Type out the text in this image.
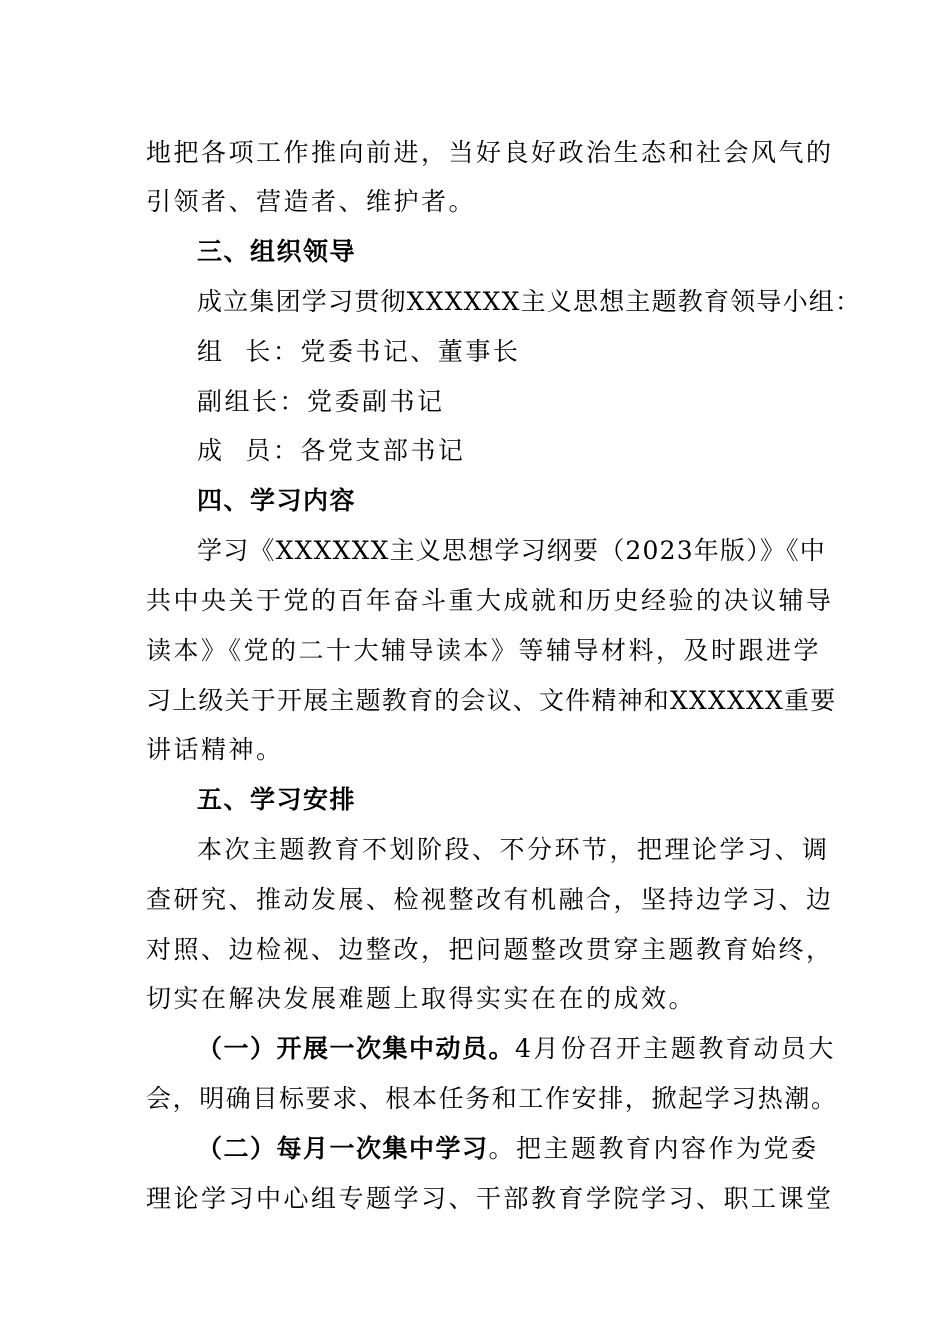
地把各项工作推向前进，当好良好政治生态和社会风气的
引领者、营造者、维护者。
三、组织领导
成立集团学习贯彻XXXXXX主义思想主题教育领导小组：
组  长：党委书记、董事长
副组长：党委副书记
成  员：各党支部书记
四、学习内容
学习《XXXXXX主义思想学习纲要（2023年版）》《中
共中央关于党的百年奋斗重大成就和历史经验的决议辅导
读本》《党的二十大辅导读本》等辅导材料，及时跟进学
习上级关于开展主题教育的会议、文件精神和XXXXXX重要
讲话精神。
五、学习安排
本次主题教育不划阶段、不分环节，把理论学习、调
查研究、推动发展、检视整改有机融合，坚持边学习、边
对照、边检视、边整改，把问题整改贯穿主题教育始终，
切实在解决发展难题上取得实实在在的成效。
（一）开展一次集中动员。4月份召开主题教育动员大
会，明确目标要求、根本任务和工作安排，掀起学习热潮。
（二）每月一次集中学习。把主题教育内容作为党委
理论学习中心组专题学习、干部教育学院学习、职工课堂
